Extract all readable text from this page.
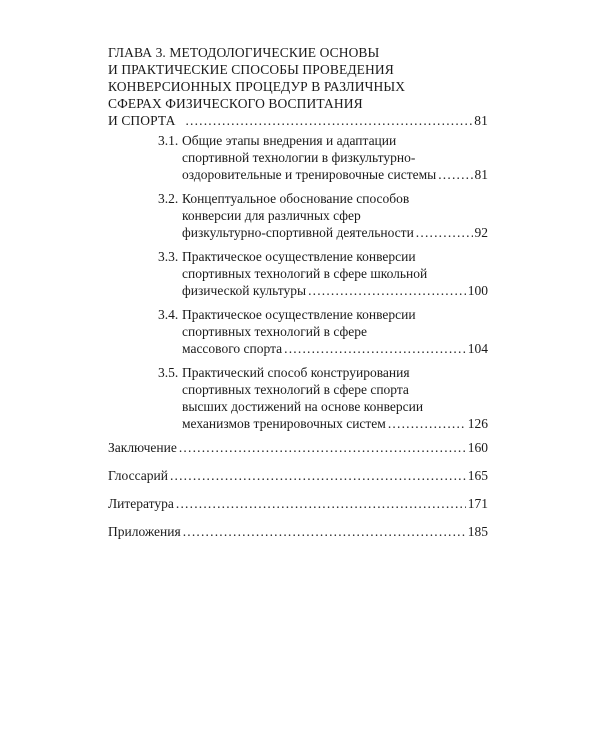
ГЛАВА 3. МЕТОДОЛОГИЧЕСКИЕ ОСНОВЫ
И ПРАКТИЧЕСКИЕ СПОСОБЫ ПРОВЕДЕНИЯ
КОНВЕРСИОННЫХ ПРОЦЕДУР В РАЗЛИЧНЫХ
СФЕРАХ ФИЗИЧЕСКОГО ВОСПИТАНИЯ
И СПОРТА .....	81
3.1. Общие этапы внедрения и адаптации
спортивной технологии в физкультурно-
оздоровительные и тренировочные системы .....	81
3.2. Концептуальное обоснование способов
конверсии для различных сфер
физкультурно-спортивной деятельности .....	92
3.3. Практическое осуществление конверсии
спортивных технологий в сфере школьной
физической культуры .....	100
3.4. Практическое осуществление конверсии
спортивных технологий в сфере
массового спорта .....	104
3.5. Практический способ конструирования
спортивных технологий в сфере спорта
высших достижений на основе конверсии
механизмов тренировочных систем .....	126
Заключение .....	160
Глоссарий .....	165
Литература .....	171
Приложения .....	185
